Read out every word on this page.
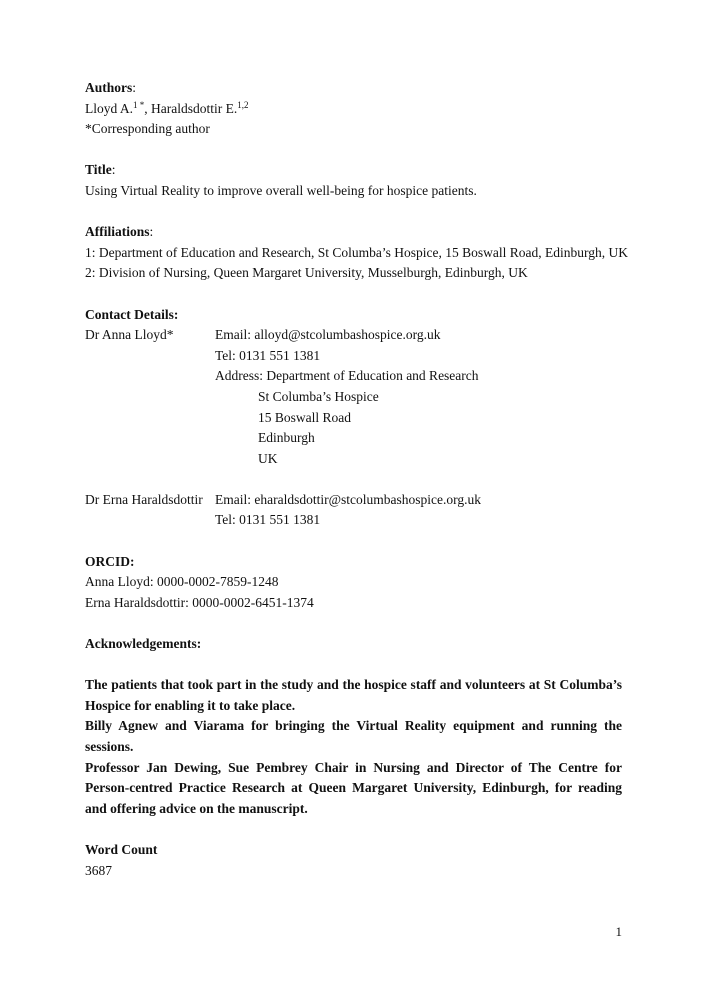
Authors:
Lloyd A.$^{1 *}$, Haraldsdottir E.$^{1,2}$
*Corresponding author
Title:
Using Virtual Reality to improve overall well-being for hospice patients.
Affiliations:
1: Department of Education and Research, St Columba’s Hospice, 15 Boswall Road, Edinburgh, UK
2: Division of Nursing, Queen Margaret University, Musselburgh, Edinburgh, UK
Contact Details:
Dr Anna Lloyd*	Email: alloyd@stcolumbashospice.org.uk
Tel: 0131 551 1381
Address: Department of Education and Research
St Columba’s Hospice
15 Boswall Road
Edinburgh
UK
Dr Erna Haraldsdottir Email: eharaldsdottir@stcolumbashospice.org.uk
Tel: 0131 551 1381
ORCID:
Anna Lloyd: 0000-0002-7859-1248
Erna Haraldsdottir: 0000-0002-6451-1374
Acknowledgements:
The patients that took part in the study and the hospice staff and volunteers at St Columba’s Hospice for enabling it to take place.
Billy Agnew and Viarama for bringing the Virtual Reality equipment and running the sessions.
Professor Jan Dewing, Sue Pembrey Chair in Nursing and Director of The Centre for Person-centred Practice Research at Queen Margaret University, Edinburgh, for reading and offering advice on the manuscript.
Word Count
3687
1
